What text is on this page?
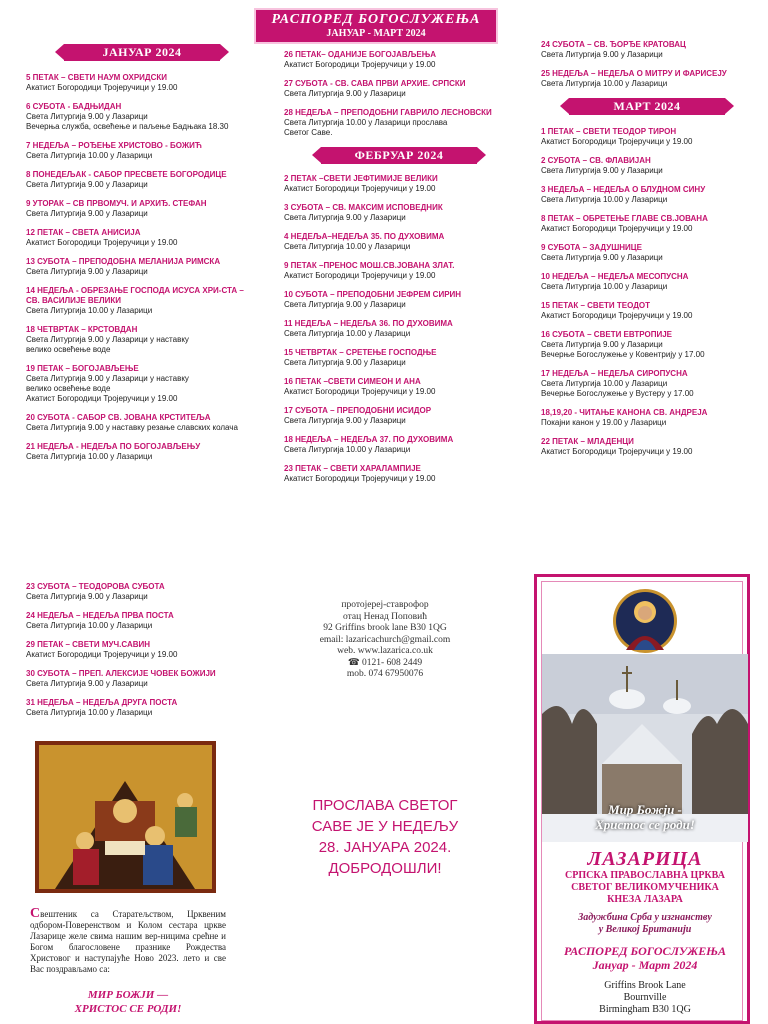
РАСПОРЕД БОГОСЛУЖЕЊА
ЈАНУАР - МАРТ 2024
ЈАНУАР 2024
5 ПЕТАК – СВЕТИ НАУМ ОХРИДСКИ
Акатист Богородици Тројеручици у 19.00
6 СУБОТА - БАДЊИДАН
Света Литургија 9.00 у Лазарици
Вечерња служба, освећење и паљење Бадњака 18.30
7 НЕДЕЉА – РОЂЕЊЕ ХРИСТОВО - БОЖИЋ
Света Литургија 10.00 у Лазарици
8 ПОНЕДЕЉАК - САБОР ПРЕСВЕТЕ БОГОРОДИЦЕ
Света Литургија 9.00 у Лазарици
9 УТОРАК – СВ ПРВОМУЧ. И АРХИЂ. СТЕФАН
Света Литургија 9.00 у Лазарици
12 ПЕТАК – СВЕТА АНИСИЈА
Акатист Богородици Тројеручици у 19.00
13 СУБОТА – ПРЕПОДОБНА МЕЛАНИЈА РИМСКА
Света Литургија 9.00 у Лазарици
14 НЕДЕЉА - ОБРЕЗАЊЕ ГОСПОДА ИСУСА ХРИ-СТА – СВ. ВАСИЛИЈЕ ВЕЛИКИ
Света Литургија 10.00 у Лазарици
18 ЧЕТВРТАК – КРСТОВДАН
Света Литургија 9.00 у Лазарици у наставку
велико освећење воде
19 ПЕТАК – БОГОЈАВЉЕЊЕ
Света Литургија 9.00 у Лазарици у наставку
велико освећење воде
Акатист Богородици Тројеручици у 19.00
20 СУБОТА - САБОР СВ. ЈОВАНА КРСТИТЕЉА
Света Литургија 9.00 у наставку резање славских колача
21 НЕДЕЉА - НЕДЕЉА ПО БОГОЈАВЉЕЊУ
Света Литургија 10.00 у Лазарици
26 ПЕТАК– ОДАНИЈЕ БОГОЈАВЉЕЊА
Акатист Богородици Тројеручици у 19.00
27 СУБОТА - СВ. САВА ПРВИ АРХИЕ. СРПСКИ
Света Литургија 9.00 у Лазарици
28 НЕДЕЉА – ПРЕПОДОБНИ ГАВРИЛО ЛЕСНОВСКИ
Света Литургија 10.00 у Лазарици прослава
Светог Саве.
ФЕБРУАР 2024
2 ПЕТАК –СВЕТИ ЈЕФТИМИЈЕ ВЕЛИКИ
Акатист Богородици Тројеручици у 19.00
3 СУБОТА – СВ. МАКСИМ ИСПОВЕДНИК
Света Литургија 9.00 у Лазарици
4 НЕДЕЉА–НЕДЕЉА 35. ПО ДУХОВИМА
Света Литургија 10.00 у Лазарици
9 ПЕТАК –ПРЕНОС МОШ.СВ.ЈОВАНА ЗЛАТ.
Акатист Богородици Тројеручици у 19.00
10 СУБОТА – ПРЕПОДОБНИ ЈЕФРЕМ СИРИН
Света Литургија 9.00 у Лазарици
11 НЕДЕЉА – НЕДЕЉА 36. ПО ДУХОВИМА
Света Литургија 10.00 у Лазарици
15 ЧЕТВРТАК – СРЕТЕЊЕ ГОСПОДЊЕ
Света Литургија 9.00 у Лазарици
16 ПЕТАК –СВЕТИ СИМЕОН И АНА
Акатист Богородици Тројеручици у 19.00
17 СУБОТА – ПРЕПОДОБНИ ИСИДОР
Света Литургија 9.00 у Лазарици
18 НЕДЕЉА – НЕДЕЉА 37. ПО ДУХОВИМА
Света Литургија 10.00 у Лазарици
23 ПЕТАК – СВЕТИ ХАРАЛАМПИЈЕ
Акатист Богородици Тројеручици у 19.00
24 СУБОТА – СВ. ЂОРЂЕ КРАТОВАЦ
Света Литургија 9.00 у Лазарици
25 НЕДЕЉА – НЕДЕЉА О МИТРУ И ФАРИСЕЈУ
Света Литургија 10.00 у Лазарици
МАРТ 2024
1 ПЕТАК – СВЕТИ ТЕОДОР ТИРОН
Акатист Богородици Тројеручици у 19.00
2 СУБОТА – СВ. ФЛАВИЈАН
Света Литургија 9.00 у Лазарици
3 НЕДЕЉА – НЕДЕЉА О БЛУДНОМ СИНУ
Света Литургија 10.00 у Лазарици
8 ПЕТАК – ОБРЕТЕЊЕ ГЛАВЕ СВ.ЈОВАНА
Акатист Богородици Тројеручици у 19.00
9 СУБОТА – ЗАДУШНИЦЕ
Света Литургија 9.00 у Лазарици
10 НЕДЕЉА – НЕДЕЉА МЕСОПУСНА
Света Литургија 10.00 у Лазарици
15 ПЕТАК – СВЕТИ ТЕОДОТ
Акатист Богородици Тројеручици у 19.00
16 СУБОТА – СВЕТИ ЕВТРОПИЈЕ
Света Литургија 9.00 у Лазарици
Вечерње Богослужење у Ковентрију у 17.00
17 НЕДЕЉА – НЕДЕЉА СИРОПУСНА
Света Литургија 10.00 у Лазарици
Вечерње Богослужење у Вустеру у 17.00
18,19,20 - ЧИТАЊЕ КАНОНА СВ. АНДРЕЈА
Покајни канон у 19.00 у Лазарици
22 ПЕТАК – МЛАДЕНЦИ
Акатист Богородици Тројеручици у 19.00
23 СУБОТА – ТЕОДОРОВА СУБОТА
Света Литургија 9.00 у Лазарици
24 НЕДЕЉА – НЕДЕЉА ПРВА ПОСТА
Света Литургија 10.00 у Лазарици
29 ПЕТАК – СВЕТИ МУЧ.САВИН
Акатист Богородици Тројеручици у 19.00
30 СУБОТА – ПРЕП. АЛЕКСИЈЕ ЧОВЕК БОЖИЈИ
Света Литургија 9.00 у Лазарици
31 НЕДЕЉА – НЕДЕЉА ДРУГА ПОСТА
Света Литургија 10.00 у Лазарици
протојереј-ставрофор
отац Ненад Поповић
92 Griffins brook lane B30 1QG
email: lazaricachurch@gmail.com
web. www.lazarica.co.uk
☎ 0121- 608 2449
mob. 074 67950076
ПРОСЛАВА СВЕТОГ
САВЕ ЈЕ У НЕДЕЉУ
28. ЈАНУАРА 2024.
ДОБРОДОШЛИ!
Свештеник са Старатељством, Црквеним одбором-Поверенством и Колом сестара цркве Лазарице желе свима нашим вер-ницима срећне и Богом благословене празнике Рождества Христовог и наступајуће Ново 2023. лето и све Вас поздрављамо са:
МИР БОЖЈИ —
ХРИСТОС СЕ РОДИ!
Мир Божји -
Христос се роди!
ЛАЗАРИЦА
СРПСКА ПРАВОСЛАВНА ЦРКВА
СВЕТОГ ВЕЛИКОМУЧЕНИКА
КНЕЗА ЛАЗАРА
Задужбина Срба у изгнанству
у Великој Британији
РАСПОРЕД БОГОСЛУЖЕЊА
Јануар - Март 2024
Griffins Brook Lane
Bournville
Birmingham B30 1QG
